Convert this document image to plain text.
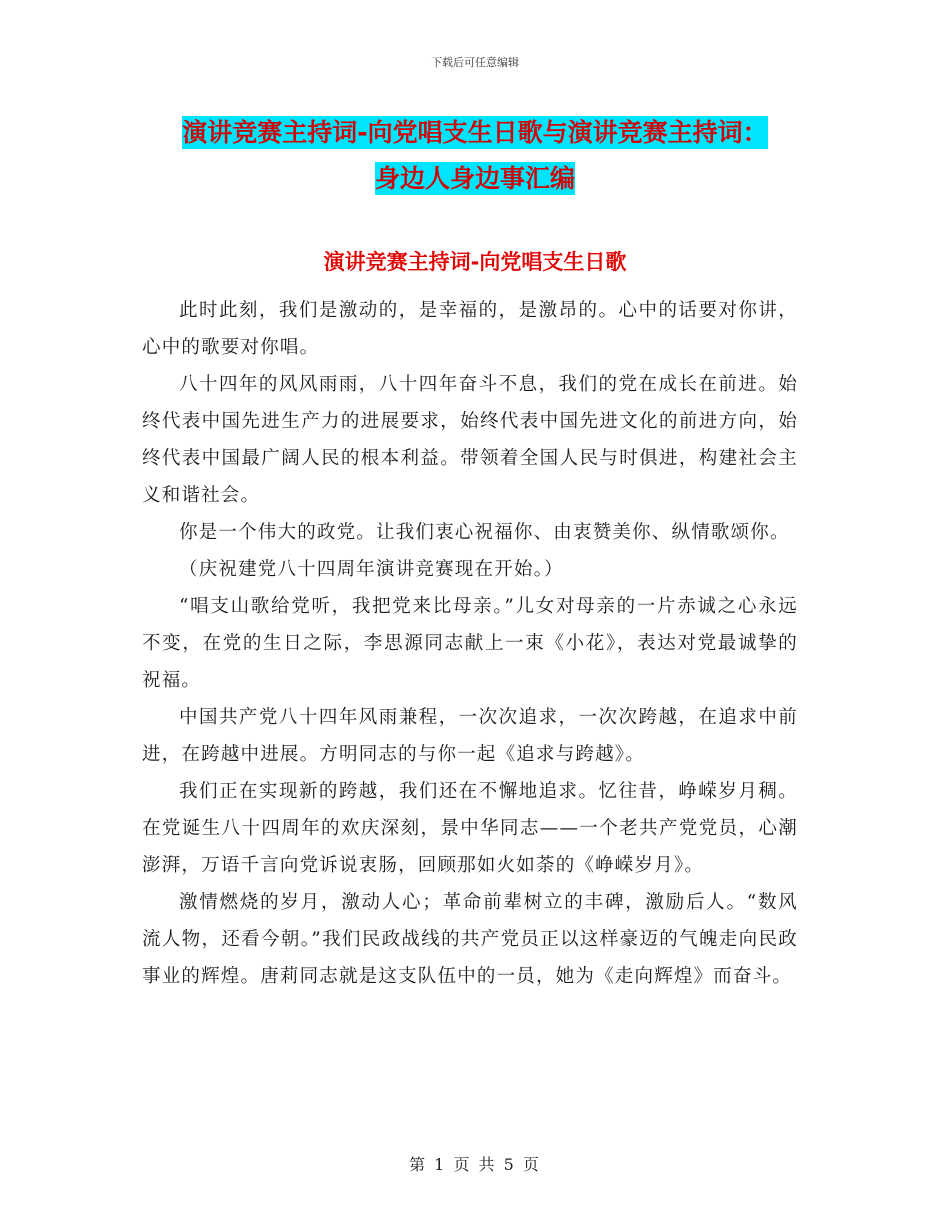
下载后可任意编辑
演讲竞赛主持词-向党唱支生日歌与演讲竞赛主持词：
身边人身边事汇编
演讲竞赛主持词-向党唱支生日歌

此时此刻，我们是激动的，是幸福的，是激昂的。心中的话要对你讲，心中的歌要对你唱。

八十四年的风风雨雨，八十四年奋斗不息，我们的党在成长在前进。始终代表中国先进生产力的进展要求，始终代表中国先进文化的前进方向，始终代表中国最广阔人民的根本利益。带领着全国人民与时俱进，构建社会主义和谐社会。

你是一个伟大的政党。让我们衷心祝福你、由衷赞美你、纵情歌颂你。

（庆祝建党八十四周年演讲竞赛现在开始。）

“唱支山歌给党听，我把党来比母亲。”儿女对母亲的一片赤诚之心永远不变，在党的生日之际，李思源同志献上一束《小花》，表达对党最诚挚的祝福。

中国共产党八十四年风雨兼程，一次次追求，一次次跨越，在追求中前进，在跨越中进展。方明同志的与你一起《追求与跨越》。

我们正在实现新的跨越，我们还在不懈地追求。忆往昔，峥嵘岁月稠。在党诞生八十四周年的欢庆深刻，景中华同志——一个老共产党党员，心潮澎湃，万语千言向党诉说衷肠，回顾那如火如荼的《峥嵘岁月》。

激情燃烧的岁月，激动人心；革命前辈树立的丰碑，激励后人。“数风流人物，还看今朝。”我们民政战线的共产党员正以这样豪迈的气魄走向民政事业的辉煌。唐莉同志就是这支队伍中的一员，她为《走向辉煌》而奋斗。

第 1 页 共 5 页
